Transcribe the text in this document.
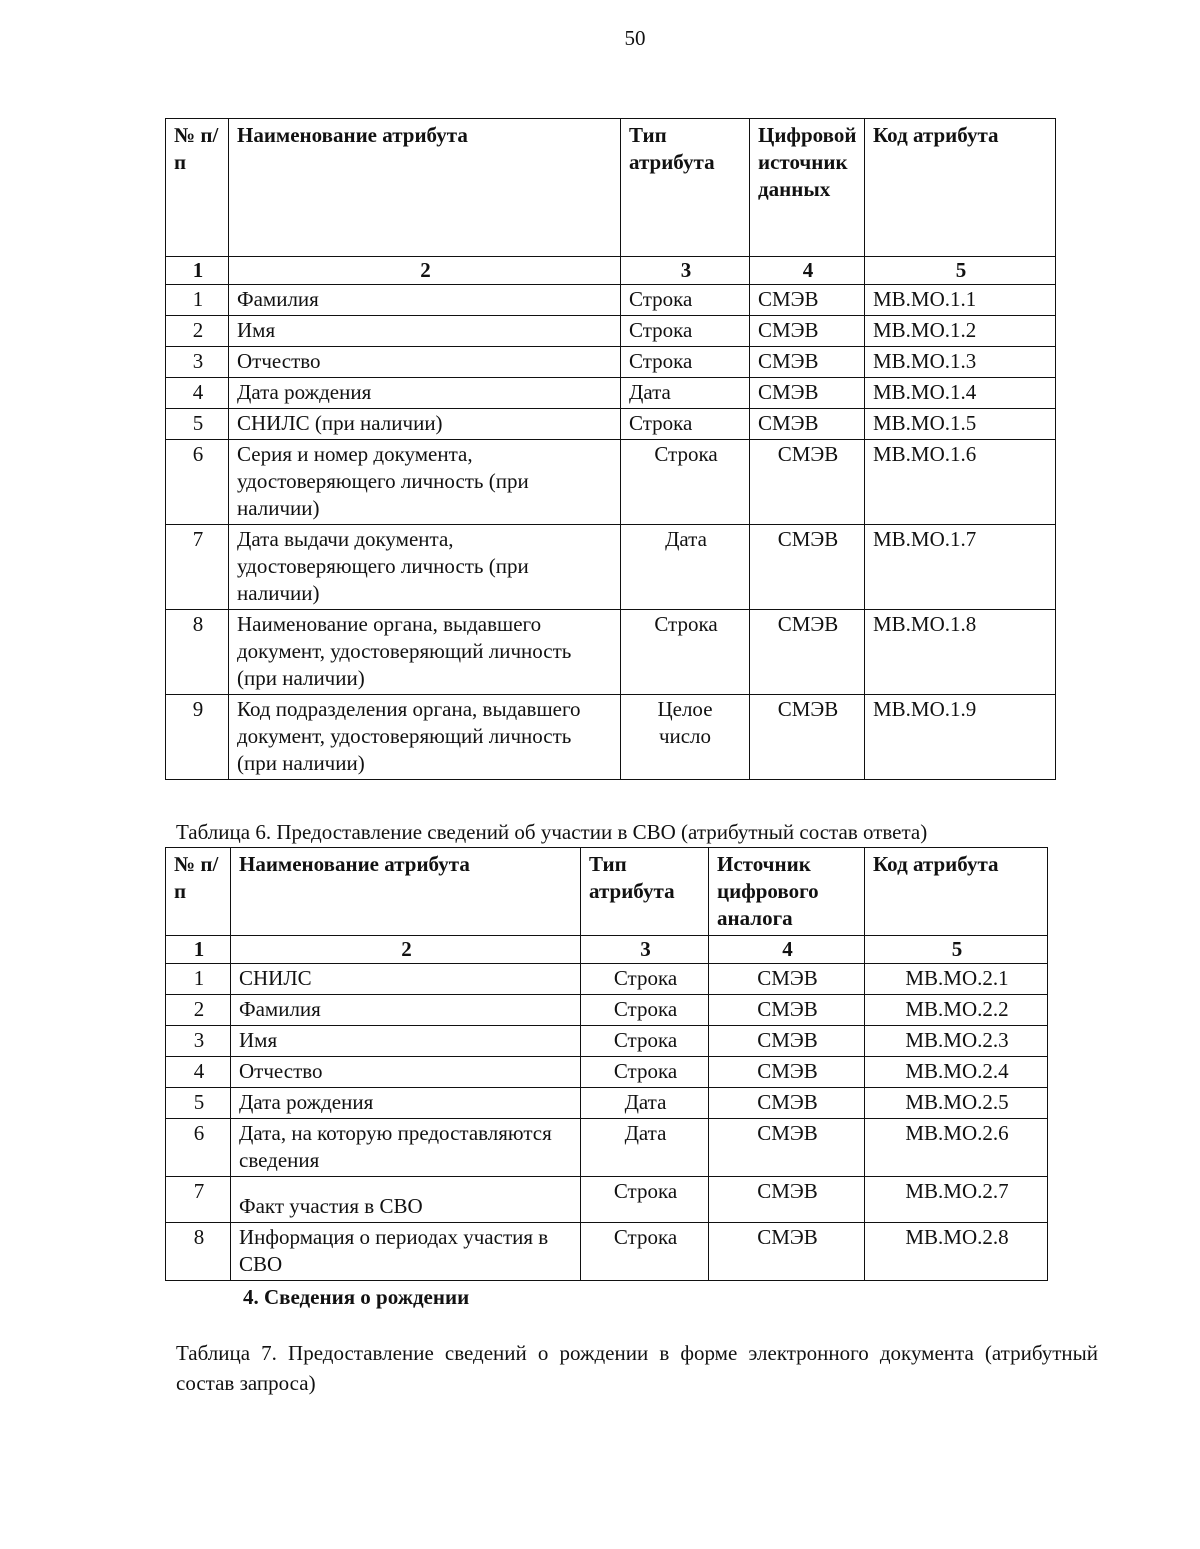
50
№ п/п	Наименование атрибута	Тип атрибута	Цифровой источник данных	Код атрибута
1	2	3	4	5
1	Фамилия	Строка	СМЭВ	MB.MO.1.1
2	Имя	Строка	СМЭВ	MB.MO.1.2
3	Отчество	Строка	СМЭВ	MB.MO.1.3
4	Дата рождения	Дата	СМЭВ	MB.MO.1.4
5	СНИЛС (при наличии)	Строка	СМЭВ	MB.MO.1.5
6	Серия и номер документа, удостоверяющего личность (при наличии)	Строка	СМЭВ	MB.MO.1.6
7	Дата выдачи документа, удостоверяющего личность (при наличии)	Дата	СМЭВ	MB.MO.1.7
8	Наименование органа, выдавшего документ, удостоверяющий личность (при наличии)	Строка	СМЭВ	MB.MO.1.8
9	Код подразделения органа, выдавшего документ, удостоверяющий личность (при наличии)	Целое число	СМЭВ	MB.MO.1.9
Таблица 6. Предоставление сведений об участии в СВО (атрибутный состав ответа)
№ п/п	Наименование атрибута	Тип атрибута	Источник цифрового аналога	Код атрибута
1	2	3	4	5
1	СНИЛС	Строка	СМЭВ	MB.MO.2.1
2	Фамилия	Строка	СМЭВ	MB.MO.2.2
3	Имя	Строка	СМЭВ	MB.MO.2.3
4	Отчество	Строка	СМЭВ	MB.MO.2.4
5	Дата рождения	Дата	СМЭВ	MB.MO.2.5
6	Дата, на которую предоставляются сведения	Дата	СМЭВ	MB.MO.2.6
7	Факт участия в СВО	Строка	СМЭВ	MB.MO.2.7
8	Информация о периодах участия в СВО	Строка	СМЭВ	MB.MO.2.8
4. Сведения о рождении
Таблица 7. Предоставление сведений о рождении в форме электронного документа (атрибутный состав запроса)
